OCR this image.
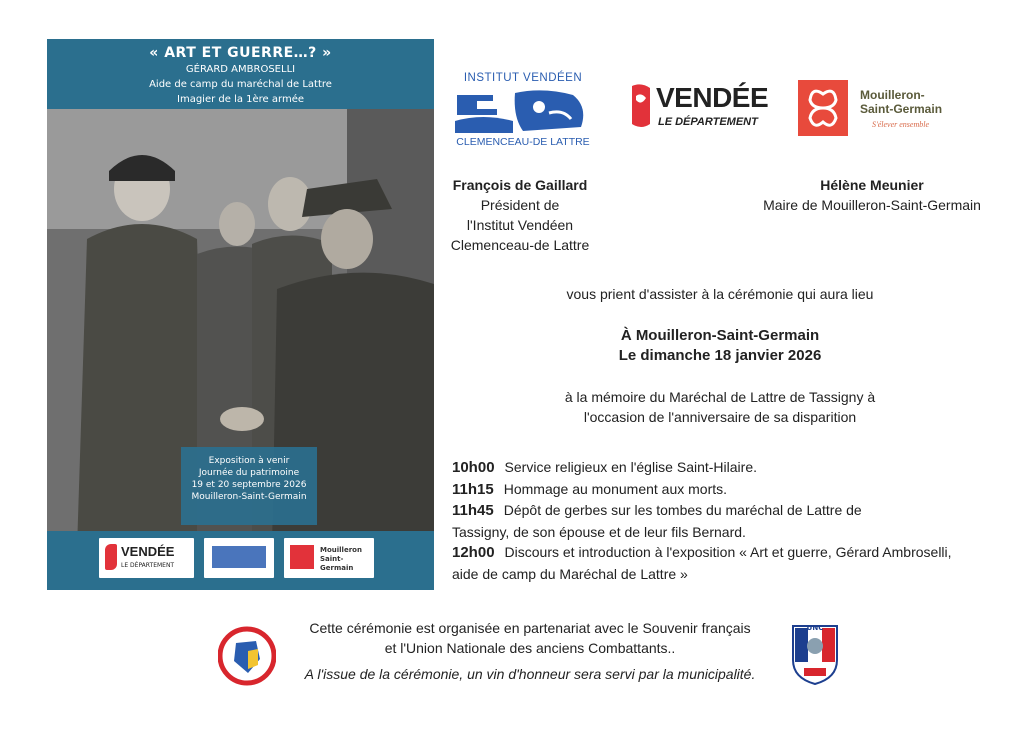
« ART ET GUERRE…? »
GÉRARD AMBROSELLI
Aide de camp du maréchal de Lattre
Imagier de la 1ère armée
Exposition à venir
Journée du patrimoine
19 et 20 septembre 2026
Mouilleron-Saint-Germain
VENDÉE
LE DÉPARTEMENT
Mouilleron Saint-Germain
INSTITUT VENDÉEN
CLEMENCEAU-DE LATTRE
VENDÉE
LE DÉPARTEMENT
Mouilleron-
Saint-Germain
S'élever ensemble
François de Gaillard
Président de
l'Institut Vendéen
Clemenceau-de Lattre
Hélène Meunier
Maire de Mouilleron-Saint-Germain
vous prient d'assister à la cérémonie qui aura lieu
À Mouilleron-Saint-Germain
Le dimanche 18 janvier 2026
à la mémoire du Maréchal de Lattre de Tassigny à
l'occasion de l'anniversaire de sa disparition
10h00 Service religieux en l'église Saint-Hilaire.
11h15 Hommage au monument aux morts.
11h45 Dépôt de gerbes sur les tombes du maréchal de Lattre de
Tassigny, de son épouse et de leur fils Bernard.
12h00 Discours et introduction à l'exposition « Art et guerre, Gérard Ambroselli,
aide de camp du Maréchal de Lattre »
Cette cérémonie est organisée en partenariat avec le Souvenir français
et l'Union Nationale des anciens Combattants..
A l'issue de la cérémonie, un vin d'honneur sera servi par la municipalité.
UNC
